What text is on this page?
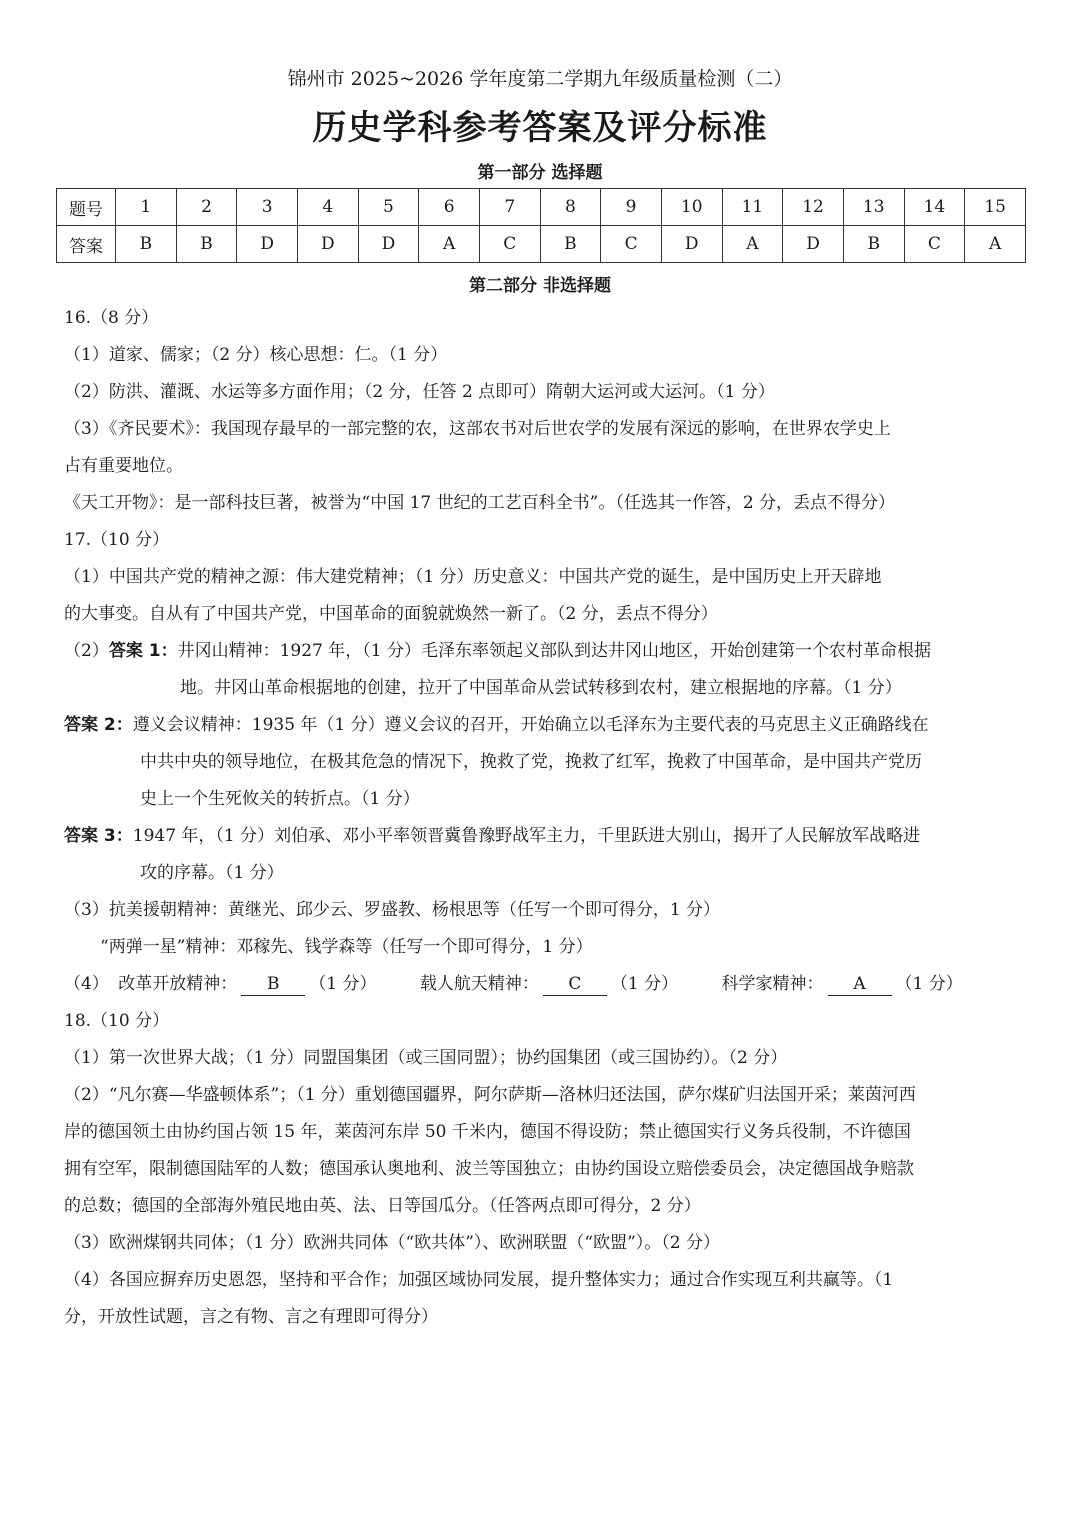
锦州市 2025~2026 学年度第二学期九年级质量检测（二）
历史学科参考答案及评分标准
第一部分 选择题
题号	1	2	3	4	5	6	7	8	9	10	11	12	13	14	15
答案	B	B	D	D	D	A	C	B	C	D	A	D	B	C	A
第二部分 非选择题

16.（8 分）

（1）道家、儒家；（2 分）核心思想：仁。（1 分）

（2）防洪、灌溉、水运等多方面作用；（2 分，任答 2 点即可）隋朝大运河或大运河。（1 分）

（3）《齐民要术》：我国现存最早的一部完整的农，这部农书对后世农学的发展有深远的影响，在世界农学史上

占有重要地位。

《天工开物》：是一部科技巨著，被誉为“中国 17 世纪的工艺百科全书”。（任选其一作答，2 分，丢点不得分）

17.（10 分）

（1）中国共产党的精神之源：伟大建党精神；（1 分）历史意义：中国共产党的诞生，是中国历史上开天辟地

的大事变。自从有了中国共产党，中国革命的面貌就焕然一新了。（2 分，丢点不得分）

（2）答案 1：井冈山精神：1927 年，（1 分）毛泽东率领起义部队到达井冈山地区，开始创建第一个农村革命根据

地。井冈山革命根据地的创建，拉开了中国革命从尝试转移到农村，建立根据地的序幕。（1 分）

答案 2：遵义会议精神：1935 年（1 分）遵义会议的召开，开始确立以毛泽东为主要代表的马克思主义正确路线在

中共中央的领导地位，在极其危急的情况下，挽救了党，挽救了红军，挽救了中国革命，是中国共产党历

史上一个生死攸关的转折点。（1 分）

答案 3：1947 年，（1 分）刘伯承、邓小平率领晋冀鲁豫野战军主力，千里跃进大别山，揭开了人民解放军战略进

攻的序幕。（1 分）

（3）抗美援朝精神：黄继光、邱少云、罗盛教、杨根思等（任写一个即可得分，1 分）

“两弹一星”精神：邓稼先、钱学森等（任写一个即可得分，1 分）

（4） 改革开放精神： B （1 分）	载人航天精神： C （1 分）	科学家精神： A （1 分）

18.（10 分）

（1）第一次世界大战；（1 分）同盟国集团（或三国同盟）；协约国集团（或三国协约）。（2 分）

（2）“凡尔赛—华盛顿体系”；（1 分）重划德国疆界，阿尔萨斯—洛林归还法国，萨尔煤矿归法国开采；莱茵河西

岸的德国领土由协约国占领 15 年，莱茵河东岸 50 千米内，德国不得设防；禁止德国实行义务兵役制，不许德国

拥有空军，限制德国陆军的人数；德国承认奥地利、波兰等国独立；由协约国设立赔偿委员会，决定德国战争赔款

的总数；德国的全部海外殖民地由英、法、日等国瓜分。（任答两点即可得分，2 分）

（3）欧洲煤钢共同体；（1 分）欧洲共同体（“欧共体”）、欧洲联盟（“欧盟”）。（2 分）

（4）各国应摒弃历史恩怨，坚持和平合作；加强区域协同发展，提升整体实力；通过合作实现互利共赢等。（1

分，开放性试题，言之有物、言之有理即可得分）
